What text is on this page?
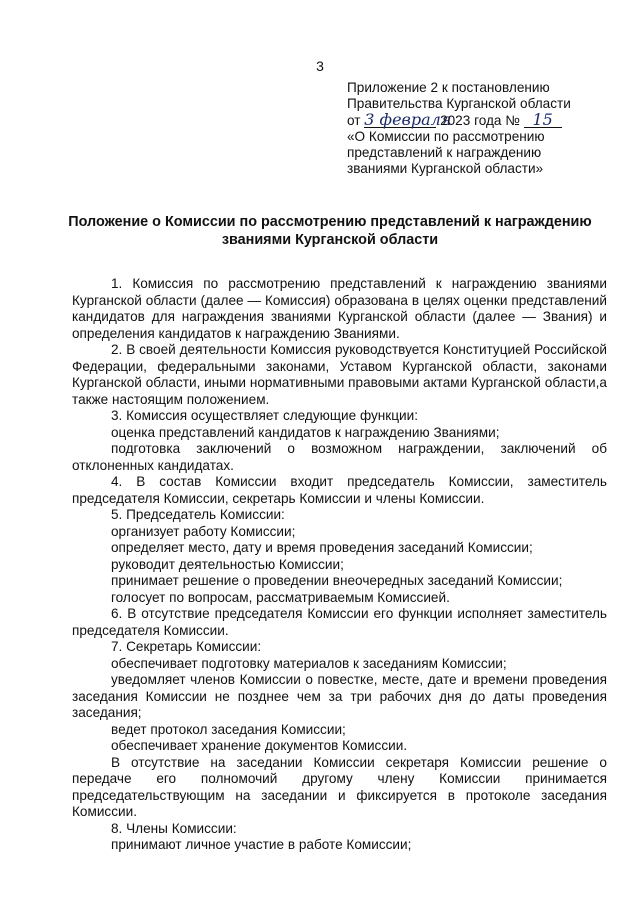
3
Приложение 2 к постановлению
Правительства Курганской области
от 3 февраля 2023 года № 15
«О Комиссии по рассмотрению
представлений к награждению
званиями Курганской области»
Положение о Комиссии по рассмотрению представлений к награждению
званиями Курганской области

1. Комиссия по рассмотрению представлений к награждению званиями Курганской области (далее — Комиссия) образована в целях оценки представлений кандидатов для награждения званиями Курганской области (далее — Звания) и определения кандидатов к награждению Званиями.

2. В своей деятельности Комиссия руководствуется Конституцией Российской Федерации, федеральными законами, Уставом Курганской области, законами Курганской области, иными нормативными правовыми актами Курганской области,а также настоящим положением.

3. Комиссия осуществляет следующие функции:

оценка представлений кандидатов к награждению Званиями;

подготовка заключений о возможном награждении, заключений об отклоненных кандидатах.

4. В состав Комиссии входит председатель Комиссии, заместитель председателя Комиссии, секретарь Комиссии и члены Комиссии.

5. Председатель Комиссии:

организует работу Комиссии;

определяет место, дату и время проведения заседаний Комиссии;

руководит деятельностью Комиссии;

принимает решение о проведении внеочередных заседаний Комиссии;

голосует по вопросам, рассматриваемым Комиссией.

6. В отсутствие председателя Комиссии его функции исполняет заместитель председателя Комиссии.

7. Секретарь Комиссии:

обеспечивает подготовку материалов к заседаниям Комиссии;

уведомляет членов Комиссии о повестке, месте, дате и времени проведения заседания Комиссии не позднее чем за три рабочих дня до даты проведения заседания;

ведет протокол заседания Комиссии;

обеспечивает хранение документов Комиссии.

В отсутствие на заседании Комиссии секретаря Комиссии решение о передаче его полномочий другому члену Комиссии принимается председательствующим на заседании и фиксируется в протоколе заседания Комиссии.

8. Члены Комиссии:

принимают личное участие в работе Комиссии;
